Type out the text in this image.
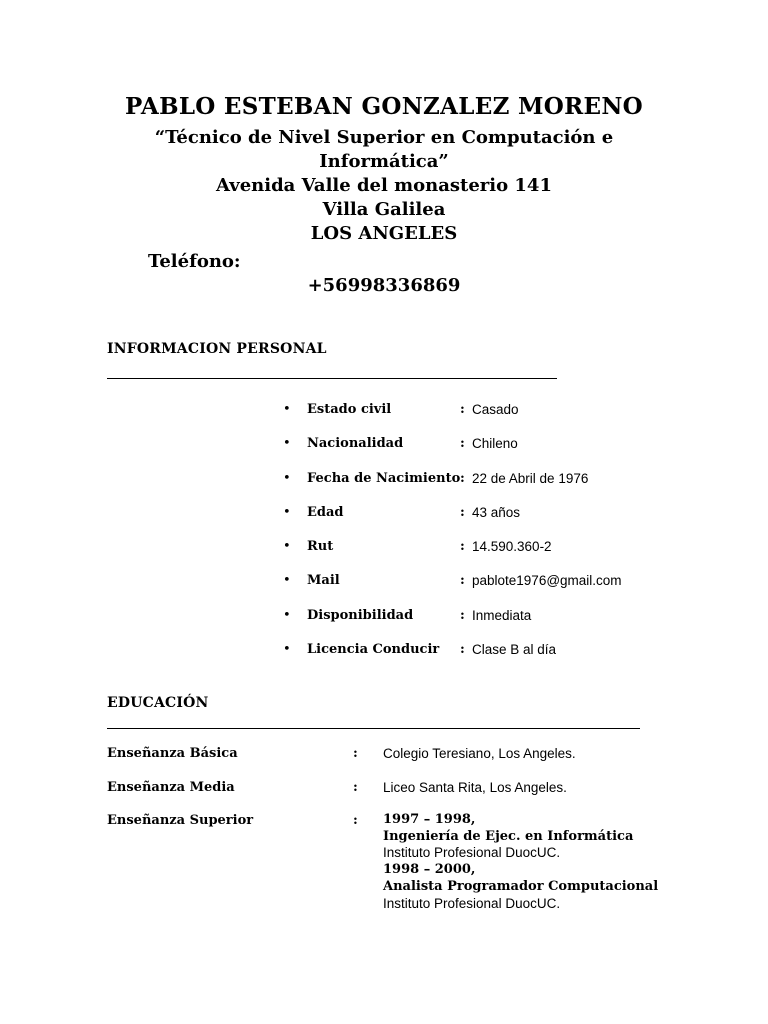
PABLO ESTEBAN GONZALEZ MORENO
“Técnico de Nivel Superior en Computación e Informática”
Avenida Valle del monasterio 141
Villa Galilea
LOS ANGELES
Teléfono:
+56998336869
INFORMACION PERSONAL
• Estado civil	: Casado
• Nacionalidad	: Chileno
• Fecha de Nacimiento : 22 de Abril de 1976
• Edad	: 43 años
• Rut	: 14.590.360-2
• Mail	: pablote1976@gmail.com
• Disponibilidad	: Inmediata
• Licencia Conducir : Clase B al día
EDUCACIÓN
Enseñanza Básica	: Colegio Teresiano, Los Angeles.
Enseñanza Media	: Liceo Santa Rita, Los Angeles.
Enseñanza Superior	: 1997 – 1998,
Ingeniería de Ejec. en Informática
Instituto Profesional DuocUC.
1998 – 2000,
Analista Programador Computacional
Instituto Profesional DuocUC.
